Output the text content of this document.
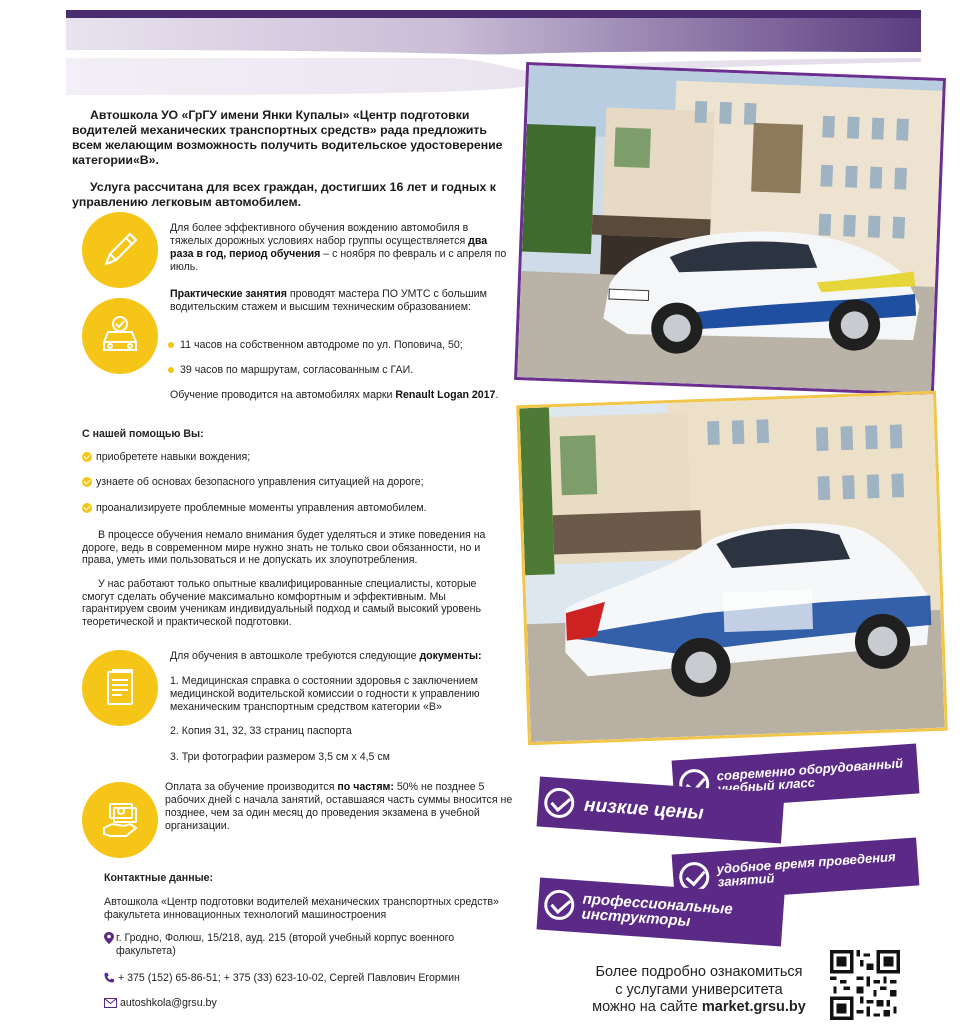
Автошкола УО «ГрГУ имени Янки Купалы» «Центр подготовки водителей механических транспортных средств» рада предложить всем желающим возможность получить водительское удостоверение категории«В».

Услуга рассчитана для всех граждан, достигших 16 лет и годных к управлению легковым автомобилем.

Для более эффективного обучения вождению автомобиля в тяжелых дорожных условиях набор группы осуществляется два раза в год, период обучения – с ноября по февраль и с апреля по июль.
Практические занятия проводят мастера ПО УМТС с большим водительским стажем и высшим техническим образованием:
11 часов на собственном автодроме по ул. Поповича, 50;
39 часов по маршрутам, согласованным с ГАИ.
Обучение проводится на автомобилях марки Renault Logan 2017.
С нашей помощью Вы:
приобретете навыки вождения;
узнаете об основах безопасного управления ситуацией на дороге;
проанализируете проблемные моменты управления автомобилем.

В процессе обучения немало внимания будет уделяться и этике поведения на дороге, ведь в современном мире нужно знать не только свои обязанности, но и права, уметь ими пользоваться и не допускать их злоупотребления.

У нас работают только опытные квалифицированные специалисты, которые смогут сделать обучение максимально комфортным и эффективным. Мы гарантируем своим ученикам индивидуальный подход и самый высокий уровень теоретической и практической подготовки.

Для обучения в автошколе требуются следующие документы:
1. Медицинская справка о состоянии здоровья с заключением медицинской водительской комиссии о годности к управлению механическим транспортным средством категории «В»
2. Копия 31, 32, 33 страниц паспорта
3. Три фотографии размером 3,5 см х 4,5 см
Оплата за обучение производится по частям: 50% не позднее 5 рабочих дней с начала занятий, оставшаяся часть суммы вносится не позднее, чем за один месяц до проведения экзамена в учебной организации.
Контактные данные:
Автошкола «Центр подготовки водителей механических транспортных средств» факультета инновационных технологий машиностроения
г. Гродно, Фолюш, 15/218, ауд. 215 (второй учебный корпус военного факультета)
+ 375 (152) 65-86-51; + 375 (33) 623-10-02, Сергей Павлович Егормин
autoshkola@grsu.by
современно оборудованный учебный класс
низкие цены
удобное время проведения занятий
профессиональные инструкторы
Более подробно ознакомиться
с услугами университета
можно на сайте market.grsu.by
